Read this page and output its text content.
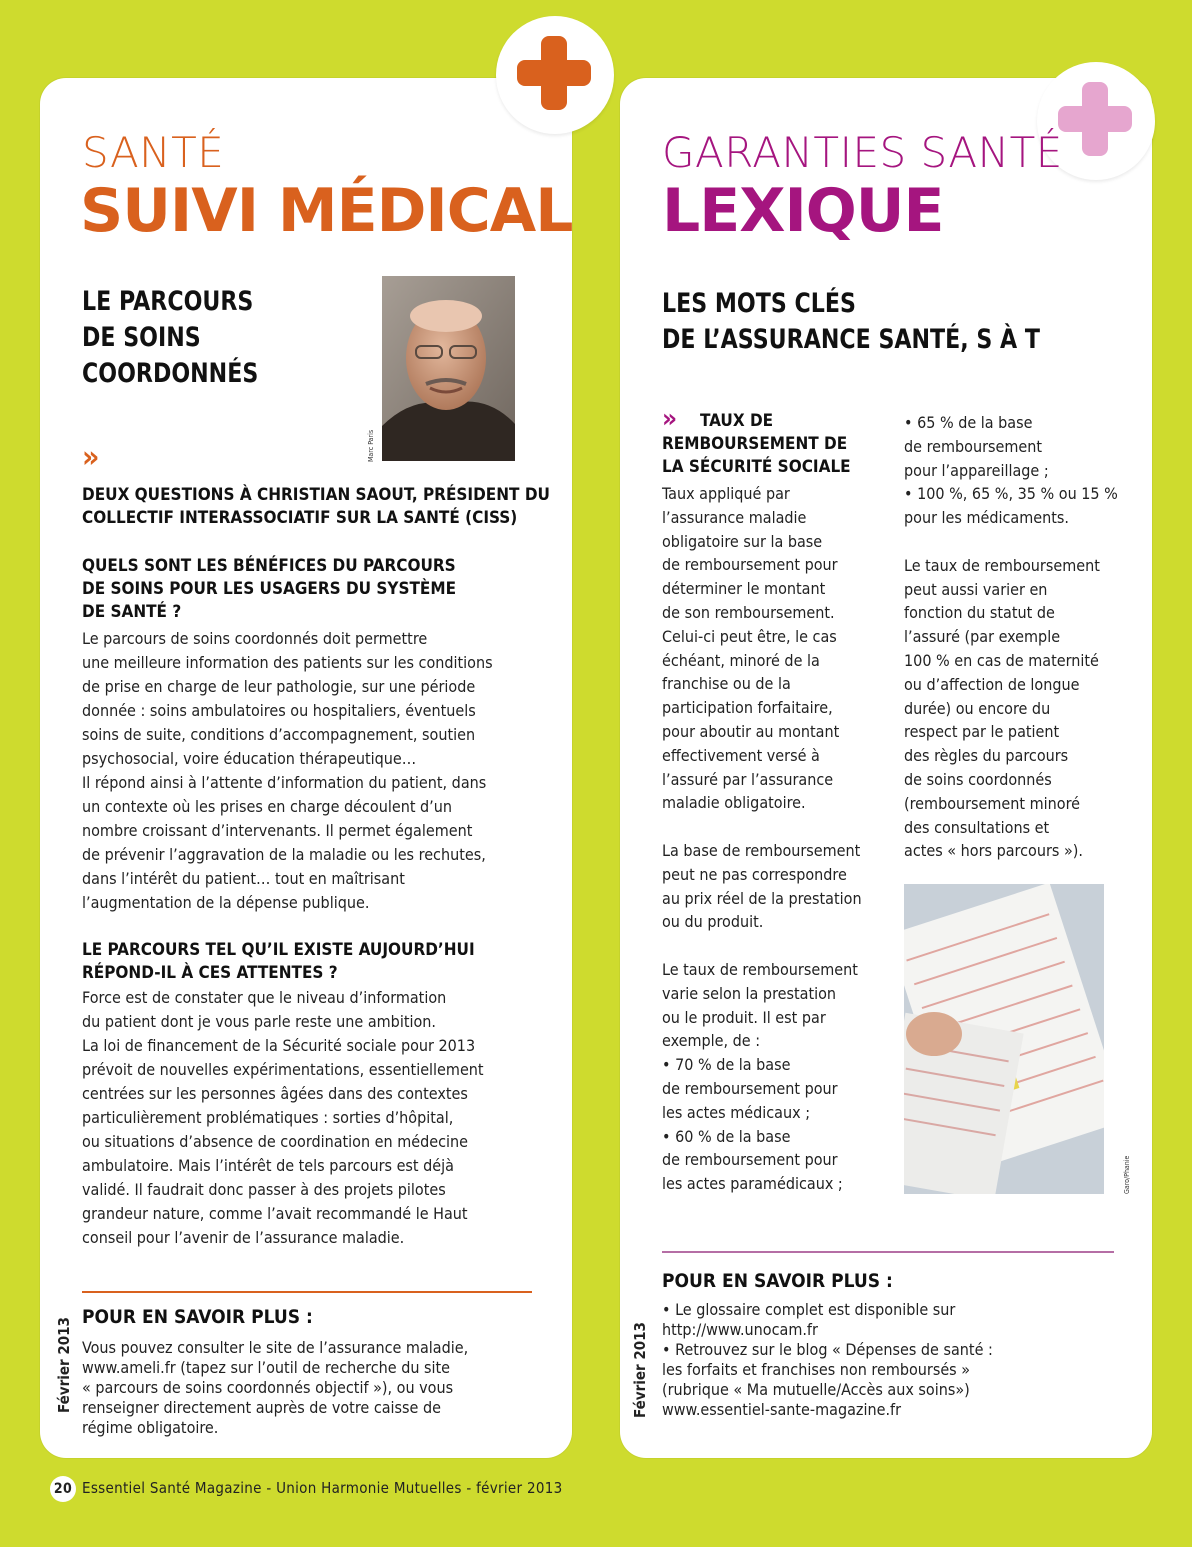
SANTÉ
SUIVI MÉDICAL
LE PARCOURS
DE SOINS
COORDONNÉS
Marc Paris
»
DEUX QUESTIONS À CHRISTIAN SAOUT, PRÉSIDENT DU
COLLECTIF INTERASSOCIATIF SUR LA SANTÉ (CISS)
QUELS SONT LES BÉNÉFICES DU PARCOURS
DE SOINS POUR LES USAGERS DU SYSTÈME
DE SANTÉ ?
Le parcours de soins coordonnés doit permettre
une meilleure information des patients sur les conditions
de prise en charge de leur pathologie, sur une période
donnée : soins ambulatoires ou hospitaliers, éventuels
soins de suite, conditions d’accompagnement, soutien
psychosocial, voire éducation thérapeutique…
Il répond ainsi à l’attente d’information du patient, dans
un contexte où les prises en charge découlent d’un
nombre croissant d’intervenants. Il permet également
de prévenir l’aggravation de la maladie ou les rechutes,
dans l’intérêt du patient… tout en maîtrisant
l’augmentation de la dépense publique.
LE PARCOURS TEL QU’IL EXISTE AUJOURD’HUI
RÉPOND-IL À CES ATTENTES ?
Force est de constater que le niveau d’information
du patient dont je vous parle reste une ambition.
La loi de financement de la Sécurité sociale pour 2013
prévoit de nouvelles expérimentations, essentiellement
centrées sur les personnes âgées dans des contextes
particulièrement problématiques : sorties d’hôpital,
ou situations d’absence de coordination en médecine
ambulatoire. Mais l’intérêt de tels parcours est déjà
validé. Il faudrait donc passer à des projets pilotes
grandeur nature, comme l’avait recommandé le Haut
conseil pour l’avenir de l’assurance maladie.
Février 2013
POUR EN SAVOIR PLUS :
Vous pouvez consulter le site de l’assurance maladie,
www.ameli.fr (tapez sur l’outil de recherche du site
« parcours de soins coordonnés objectif »), ou vous
renseigner directement auprès de votre caisse de
régime obligatoire.
GARANTIES SANTÉ
LEXIQUE
LES MOTS CLÉS
DE L’ASSURANCE SANTÉ, S À T
»	TAUX DE
REMBOURSEMENT DE
LA SÉCURITÉ SOCIALE
Taux appliqué par
l’assurance maladie
obligatoire sur la base
de remboursement pour
déterminer le montant
de son remboursement.
Celui-ci peut être, le cas
échéant, minoré de la
franchise ou de la
participation forfaitaire,
pour aboutir au montant
effectivement versé à
l’assuré par l’assurance
maladie obligatoire.

La base de remboursement
peut ne pas correspondre
au prix réel de la prestation
ou du produit.

Le taux de remboursement
varie selon la prestation
ou le produit. Il est par
exemple, de :
• 70 % de la base
de remboursement pour
les actes médicaux ;
• 60 % de la base
de remboursement pour
les actes paramédicaux ;
• 65 % de la base
de remboursement
pour l’appareillage ;
• 100 %, 65 %, 35 % ou 15 %
pour les médicaments.

Le taux de remboursement
peut aussi varier en
fonction du statut de
l’assuré (par exemple
100 % en cas de maternité
ou d’affection de longue
durée) ou encore du
respect par le patient
des règles du parcours
de soins coordonnés
(remboursement minoré
des consultations et
actes « hors parcours »).
Garo/Phanie
Février 2013
POUR EN SAVOIR PLUS :
• Le glossaire complet est disponible sur
http://www.unocam.fr
• Retrouvez sur le blog « Dépenses de santé :
les forfaits et franchises non remboursés »
(rubrique « Ma mutuelle/Accès aux soins»)
www.essentiel-sante-magazine.fr
20 Essentiel Santé Magazine - Union Harmonie Mutuelles - février 2013
